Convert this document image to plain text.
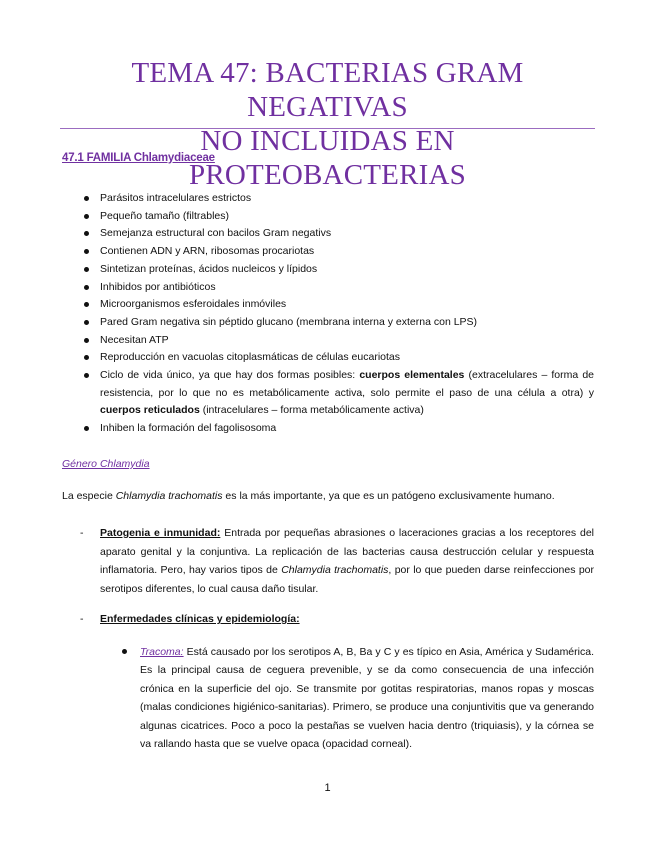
TEMA 47: BACTERIAS GRAM NEGATIVAS
NO INCLUIDAS EN PROTEOBACTERIAS
47.1 FAMILIA Chlamydiaceae
Parásitos intracelulares estrictos
Pequeño tamaño (filtrables)
Semejanza estructural con bacilos Gram negativs
Contienen ADN y ARN, ribosomas procariotas
Sintetizan proteínas, ácidos nucleicos y lípidos
Inhibidos por antibióticos
Microorganismos esferoidales inmóviles
Pared Gram negativa sin péptido glucano (membrana interna y externa con LPS)
Necesitan ATP
Reproducción en vacuolas citoplasmáticas de células eucariotas
Ciclo de vida único, ya que hay dos formas posibles: cuerpos elementales (extracelulares – forma de resistencia, por lo que no es metabólicamente activa, solo permite el paso de una célula a otra) y cuerpos reticulados (intracelulares – forma metabólicamente activa)
Inhiben la formación del fagolisosoma
Género Chlamydia
La especie Chlamydia trachomatis es la más importante, ya que es un patógeno exclusivamente humano.
- Patogenia e inmunidad: Entrada por pequeñas abrasiones o laceraciones gracias a los receptores del aparato genital y la conjuntiva. La replicación de las bacterias causa destrucción celular y respuesta inflamatoria. Pero, hay varios tipos de Chlamydia trachomatis, por lo que pueden darse reinfecciones por serotipos diferentes, lo cual causa daño tisular.
- Enfermedades clínicas y epidemiología:
Tracoma: Está causado por los serotipos A, B, Ba y C y es típico en Asia, América y Sudamérica. Es la principal causa de ceguera prevenible, y se da como consecuencia de una infección crónica en la superficie del ojo. Se transmite por gotitas respiratorias, manos ropas y moscas (malas condiciones higiénico-sanitarias). Primero, se produce una conjuntivitis que va generando algunas cicatrices. Poco a poco la pestañas se vuelven hacia dentro (triquiasis), y la córnea se va rallando hasta que se vuelve opaca (opacidad corneal).
1
